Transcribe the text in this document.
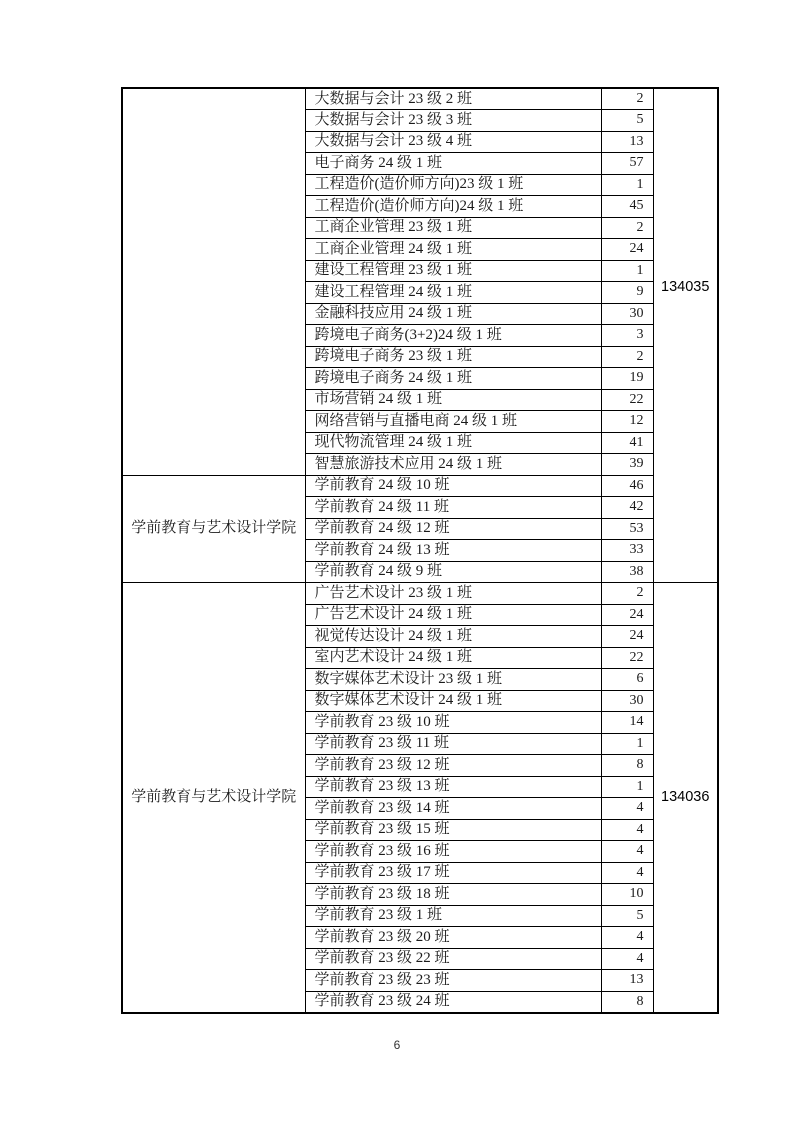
	大数据与会计 23 级 2 班	2	134035
	大数据与会计 23 级 3 班	5	
	大数据与会计 23 级 4 班	13	
	电子商务 24 级 1 班	57	
	工程造价(造价师方向)23 级 1 班	1	
	工程造价(造价师方向)24 级 1 班	45	
	工商企业管理 23 级 1 班	2	
	工商企业管理 24 级 1 班	24	
	建设工程管理 23 级 1 班	1	
	建设工程管理 24 级 1 班	9	
	金融科技应用 24 级 1 班	30	
	跨境电子商务(3+2)24 级 1 班	3	
	跨境电子商务 23 级 1 班	2	
	跨境电子商务 24 级 1 班	19	
	市场营销 24 级 1 班	22	
	网络营销与直播电商 24 级 1 班	12	
	现代物流管理 24 级 1 班	41	
	智慧旅游技术应用 24 级 1 班	39	
学前教育与艺术设计学院	学前教育 24 级 10 班	46	
	学前教育 24 级 11 班	42	
	学前教育 24 级 12 班	53	
	学前教育 24 级 13 班	33	
	学前教育 24 级 9 班	38	
学前教育与艺术设计学院	广告艺术设计 23 级 1 班	2	134036
	广告艺术设计 24 级 1 班	24	
	视觉传达设计 24 级 1 班	24	
	室内艺术设计 24 级 1 班	22	
	数字媒体艺术设计 23 级 1 班	6	
	数字媒体艺术设计 24 级 1 班	30	
	学前教育 23 级 10 班	14	
	学前教育 23 级 11 班	1	
	学前教育 23 级 12 班	8	
	学前教育 23 级 13 班	1	
	学前教育 23 级 14 班	4	
	学前教育 23 级 15 班	4	
	学前教育 23 级 16 班	4	
	学前教育 23 级 17 班	4	
	学前教育 23 级 18 班	10	
	学前教育 23 级 1 班	5	
	学前教育 23 级 20 班	4	
	学前教育 23 级 22 班	4	
	学前教育 23 级 23 班	13	
	学前教育 23 级 24 班	8	
6
